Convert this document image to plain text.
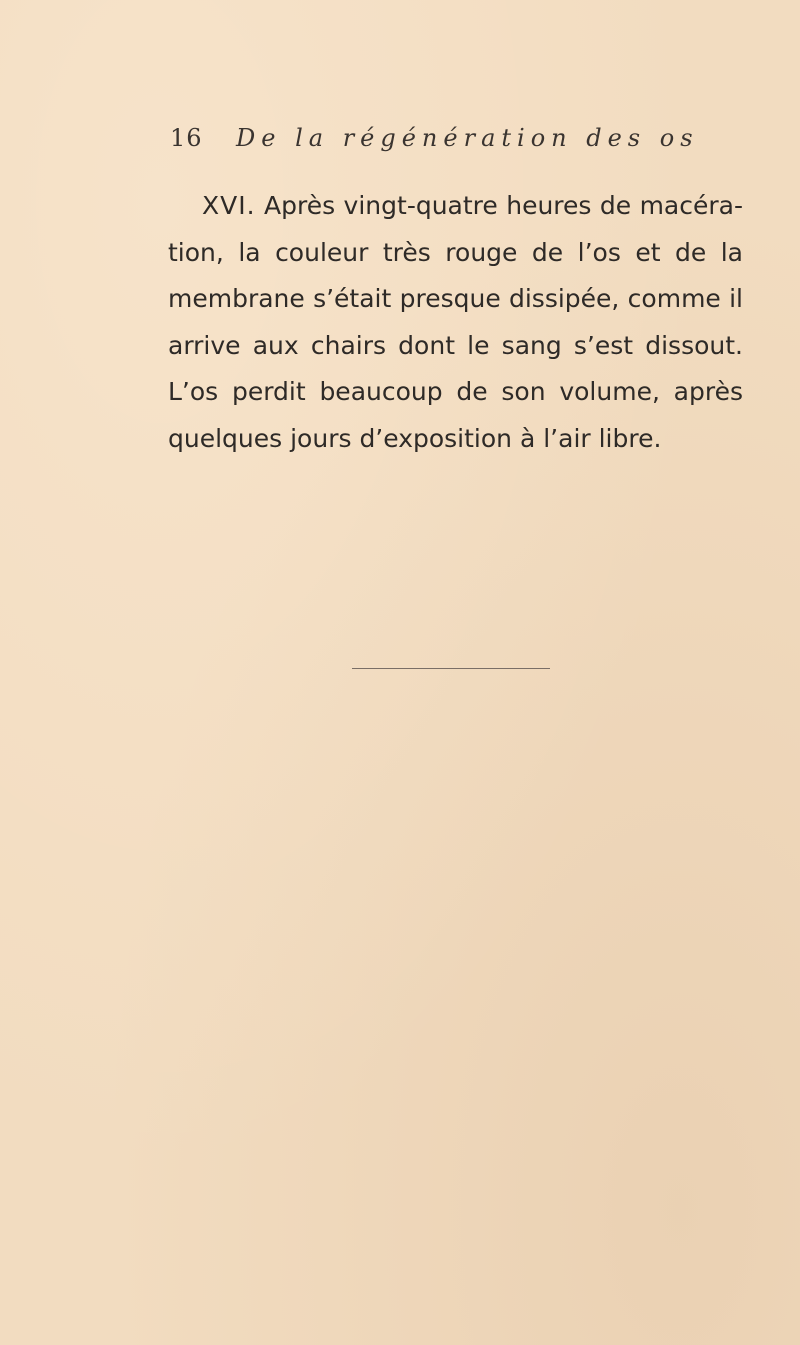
16 De la régénération des os

XVI. Après vingt-quatre heures de macération, la couleur très rouge de l’os et de la membrane s’était presque dissipée, comme il arrive aux chairs dont le sang s’est dissout. L’os perdit beaucoup de son volume, après quelques jours d’exposition à l’air libre.
